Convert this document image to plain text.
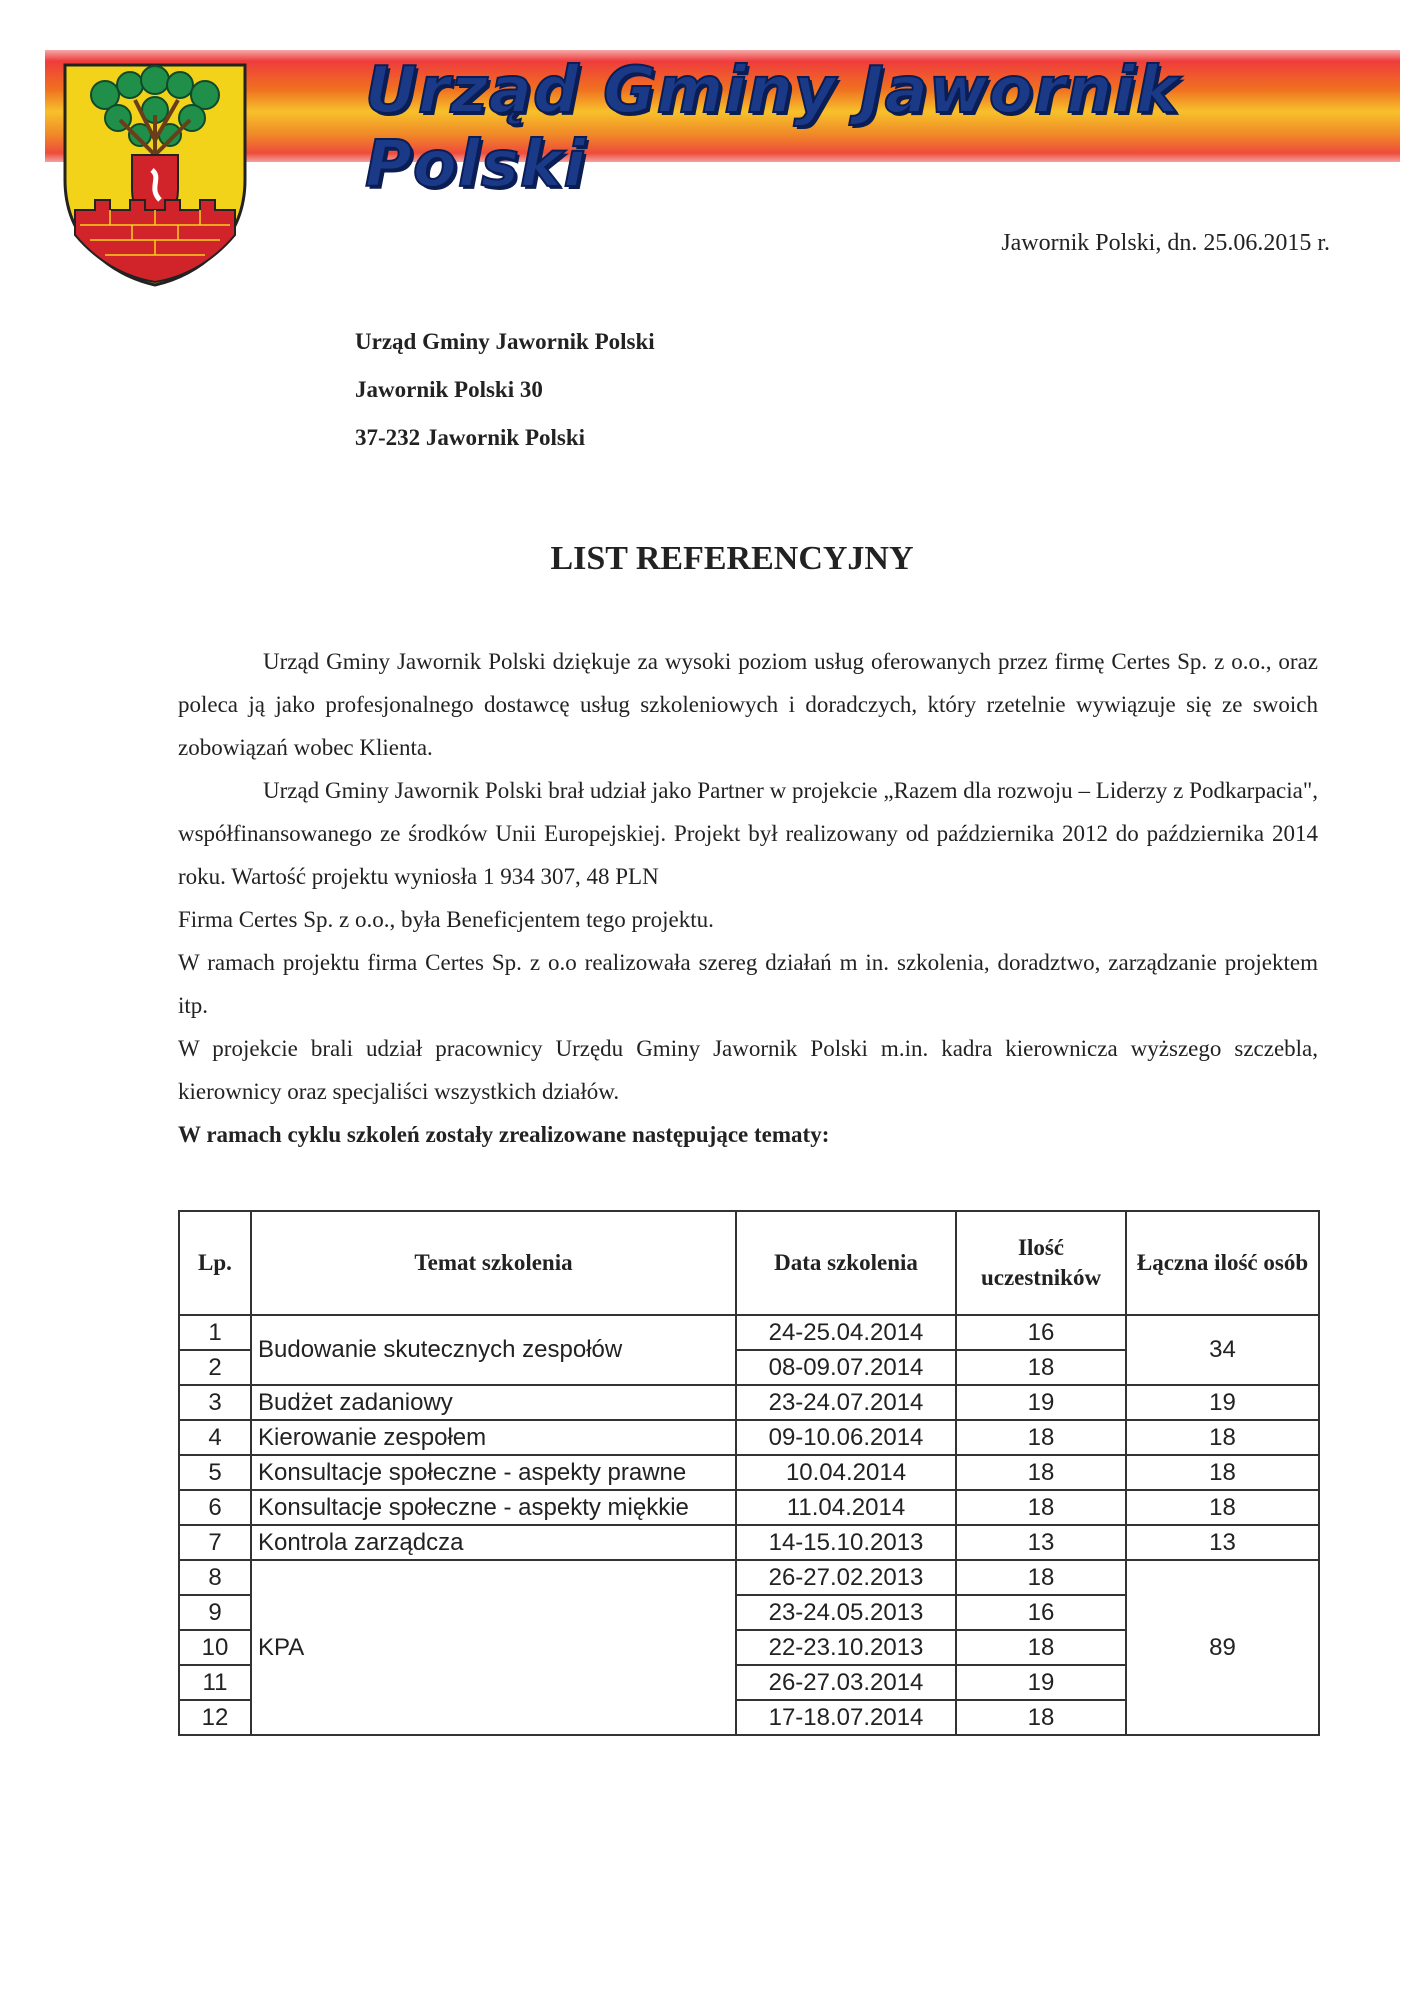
Urząd Gminy Jawornik Polski
Jawornik Polski, dn. 25.06.2015 r.
Urząd Gminy Jawornik Polski
Jawornik Polski 30
37-232 Jawornik Polski
LIST REFERENCYJNY

Urząd Gminy Jawornik Polski dziękuje za wysoki poziom usług oferowanych przez firmę Certes Sp. z o.o., oraz poleca ją jako profesjonalnego dostawcę usług szkoleniowych i doradczych, który rzetelnie wywiązuje się ze swoich zobowiązań wobec Klienta.

Urząd Gminy Jawornik Polski brał udział jako Partner w projekcie „Razem dla rozwoju – Liderzy z Podkarpacia", współfinansowanego ze środków Unii Europejskiej. Projekt był realizowany od października 2012 do października 2014 roku. Wartość projektu wyniosła 1 934 307, 48 PLN

Firma Certes Sp. z o.o., była Beneficjentem tego projektu.

W ramach projektu firma Certes Sp. z o.o realizowała szereg działań m in. szkolenia, doradztwo, zarządzanie projektem itp.

W projekcie brali udział pracownicy Urzędu Gminy Jawornik Polski m.in. kadra kierownicza wyższego szczebla, kierownicy oraz specjaliści wszystkich działów.

W ramach cyklu szkoleń zostały zrealizowane następujące tematy:

Lp.	Temat szkolenia	Data szkolenia	Ilość uczestników	Łączna ilość osób
1	Budowanie skutecznych zespołów	24-25.04.2014	16	34
2		08-09.07.2014	18	
3	Budżet zadaniowy	23-24.07.2014	19	19
4	Kierowanie zespołem	09-10.06.2014	18	18
5	Konsultacje społeczne - aspekty prawne	10.04.2014	18	18
6	Konsultacje społeczne - aspekty miękkie	11.04.2014	18	18
7	Kontrola zarządcza	14-15.10.2013	13	13
8	KPA	26-27.02.2013	18	89
9		23-24.05.2013	16	
10		22-23.10.2013	18	
11		26-27.03.2014	19	
12		17-18.07.2014	18	
